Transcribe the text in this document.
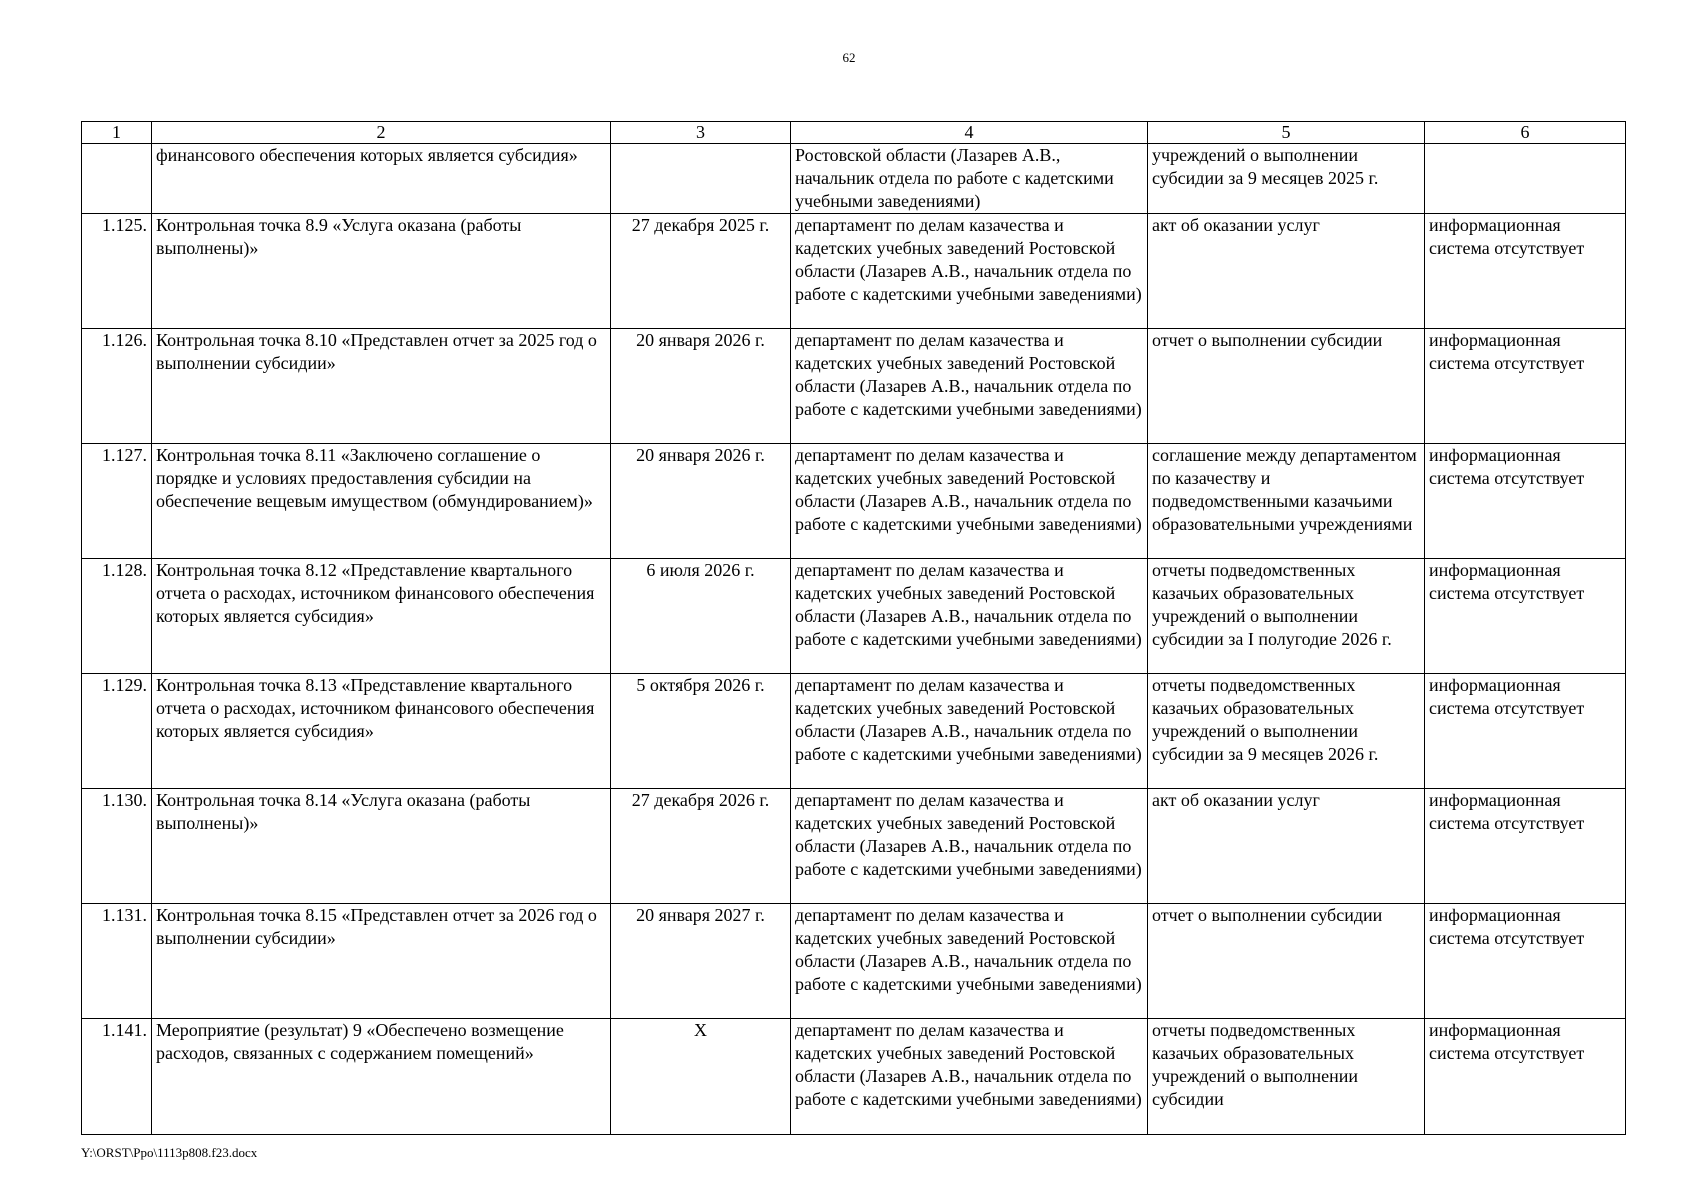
62
1	2	3	4	5	6
	финансового обеспечения которых является субсидия»		Ростовской области (Лазарев А.В., начальник отдела по работе с кадетскими учебными заведениями)	учреждений о выполнении субсидии за 9 месяцев 2025 г.	
1.125.	Контрольная точка 8.9 «Услуга оказана (работы выполнены)»	27 декабря 2025 г.	департамент по делам казачества и кадетских учебных заведений Ростовской области (Лазарев А.В., начальник отдела по работе с кадетскими учебными заведениями)	акт об оказании услуг	информационная система отсутствует
1.126.	Контрольная точка 8.10 «Представлен отчет за 2025 год о выполнении субсидии»	20 января 2026 г.	департамент по делам казачества и кадетских учебных заведений Ростовской области (Лазарев А.В., начальник отдела по работе с кадетскими учебными заведениями)	отчет о выполнении субсидии	информационная система отсутствует
1.127.	Контрольная точка 8.11 «Заключено соглашение о порядке и условиях предоставления субсидии на обеспечение вещевым имуществом (обмундированием)»	20 января 2026 г.	департамент по делам казачества и кадетских учебных заведений Ростовской области (Лазарев А.В., начальник отдела по работе с кадетскими учебными заведениями)	соглашение между департаментом по казачеству и подведомственными казачьими образовательными учреждениями	информационная система отсутствует
1.128.	Контрольная точка 8.12 «Представление квартального отчета о расходах, источником финансового обеспечения которых является субсидия»	6 июля 2026 г.	департамент по делам казачества и кадетских учебных заведений Ростовской области (Лазарев А.В., начальник отдела по работе с кадетскими учебными заведениями)	отчеты подведомственных казачьих образовательных учреждений о выполнении субсидии за I полугодие 2026 г.	информационная система отсутствует
1.129.	Контрольная точка 8.13 «Представление квартального отчета о расходах, источником финансового обеспечения которых является субсидия»	5 октября 2026 г.	департамент по делам казачества и кадетских учебных заведений Ростовской области (Лазарев А.В., начальник отдела по работе с кадетскими учебными заведениями)	отчеты подведомственных казачьих образовательных учреждений о выполнении субсидии за 9 месяцев 2026 г.	информационная система отсутствует
1.130.	Контрольная точка 8.14 «Услуга оказана (работы выполнены)»	27 декабря 2026 г.	департамент по делам казачества и кадетских учебных заведений Ростовской области (Лазарев А.В., начальник отдела по работе с кадетскими учебными заведениями)	акт об оказании услуг	информационная система отсутствует
1.131.	Контрольная точка 8.15 «Представлен отчет за 2026 год о выполнении субсидии»	20 января 2027 г.	департамент по делам казачества и кадетских учебных заведений Ростовской области (Лазарев А.В., начальник отдела по работе с кадетскими учебными заведениями)	отчет о выполнении субсидии	информационная система отсутствует
1.141.	Мероприятие (результат) 9 «Обеспечено возмещение расходов, связанных с содержанием помещений»	Х	департамент по делам казачества и кадетских учебных заведений Ростовской области (Лазарев А.В., начальник отдела по работе с кадетскими учебными заведениями)	отчеты подведомственных казачьих образовательных учреждений о выполнении субсидии	информационная система отсутствует
Y:\ORST\Ppo\1113p808.f23.docx
